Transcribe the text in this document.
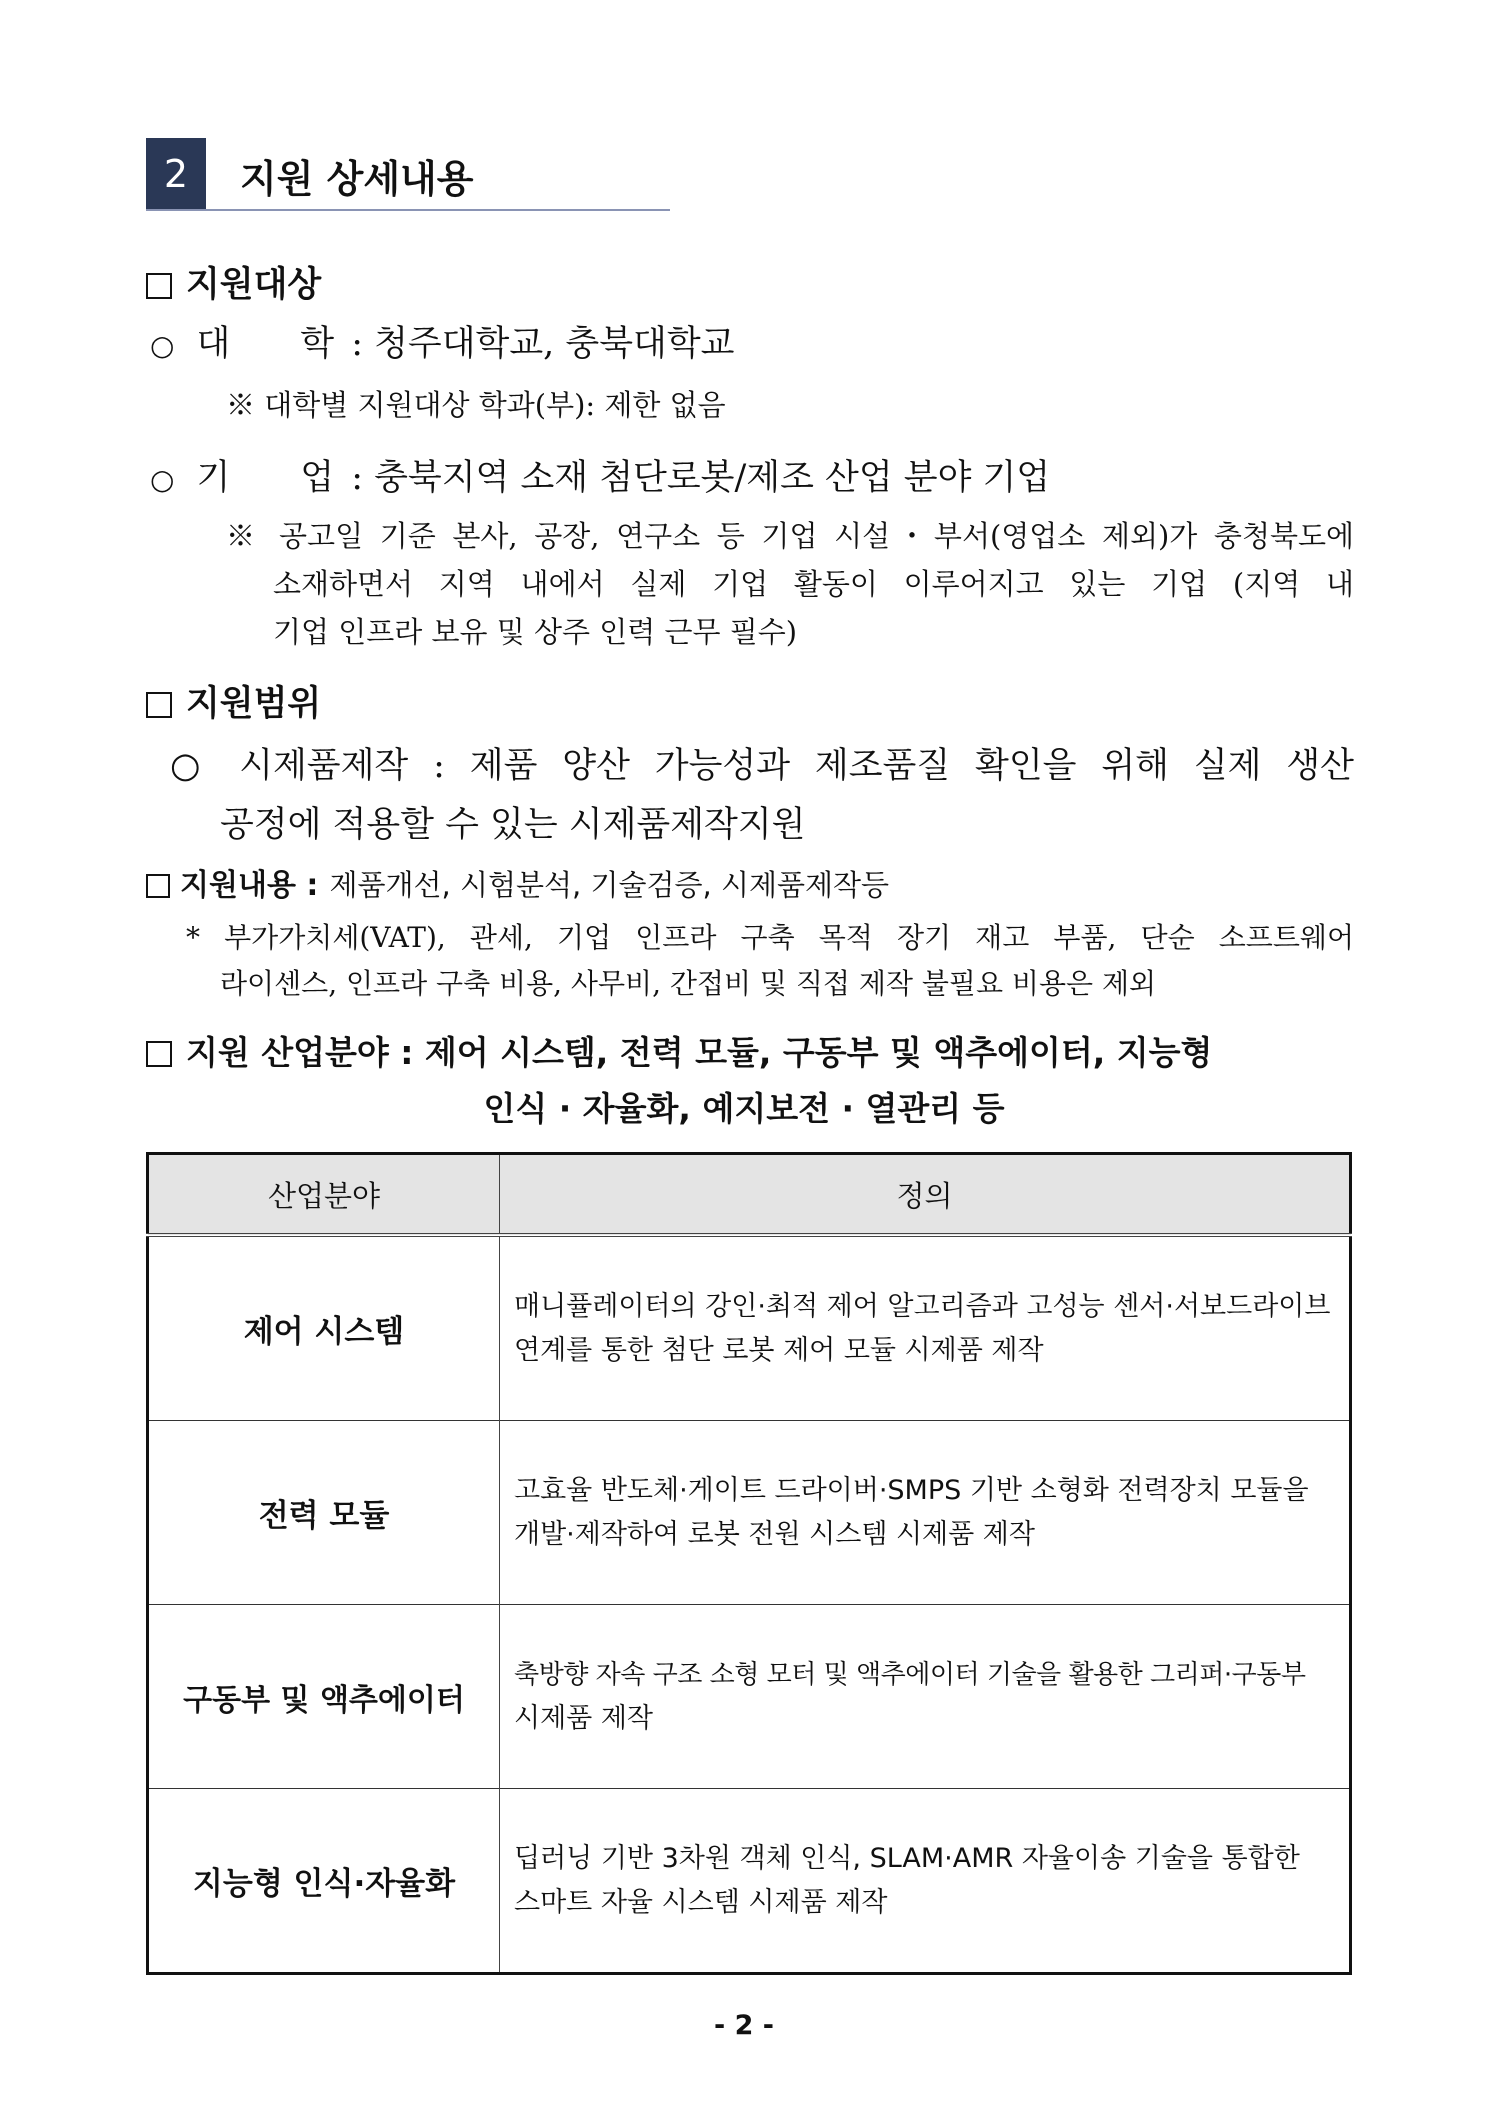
2	지원 상세내용
지원대상
○ 대　　학 : 청주대학교, 충북대학교
※ 대학별 지원대상 학과(부): 제한 없음
○ 기　　업 : 충북지역 소재 첨단로봇/제조 산업 분야 기업
※ 공고일 기준 본사, 공장, 연구소 등 기업 시설・부서(영업소 제외)가 충청북도에
소재하면서 지역 내에서 실제 기업 활동이 이루어지고 있는 기업 (지역 내
기업 인프라 보유 및 상주 인력 근무 필수)
지원범위
○ 시제품제작 : 제품 양산 가능성과 제조품질 확인을 위해 실제 생산
공정에 적용할 수 있는 시제품제작지원
지원내용 : 제품개선, 시험분석, 기술검증, 시제품제작등
* 부가가치세(VAT), 관세, 기업 인프라 구축 목적 장기 재고 부품, 단순 소프트웨어
라이센스, 인프라 구축 비용, 사무비, 간접비 및 직접 제작 불필요 비용은 제외
지원 산업분야 : 제어 시스템, 전력 모듈, 구동부 및 액추에이터, 지능형
인식 · 자율화, 예지보전 · 열관리 등
산업분야	정의
제어 시스템	매니퓰레이터의 강인·최적 제어 알고리즘과 고성능 센서·서보드라이브
연계를 통한 첨단 로봇 제어 모듈 시제품 제작

전력 모듈	고효율 반도체·게이트 드라이버·SMPS 기반 소형화 전력장치 모듈을
개발·제작하여 로봇 전원 시스템 시제품 제작

구동부 및 액추에이터	축방향 자속 구조 소형 모터 및 액추에이터 기술을 활용한 그리퍼·구동부
시제품 제작

지능형 인식·자율화	딥러닝 기반 3차원 객체 인식, SLAM·AMR 자율이송 기술을 통합한
스마트 자율 시스템 시제품 제작
- 2 -
